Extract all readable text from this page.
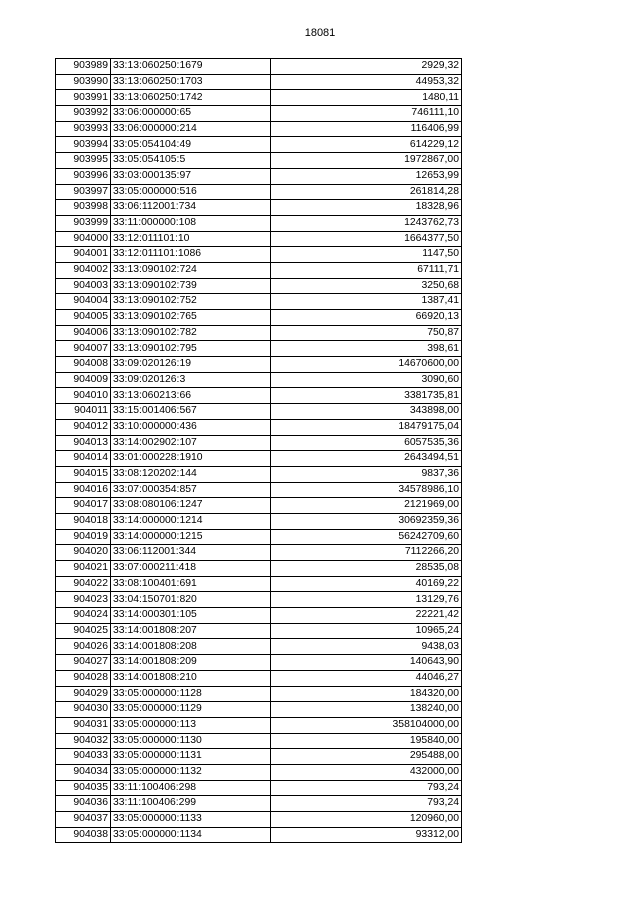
18081
903989	33:13:060250:1679	2929,32
903990	33:13:060250:1703	44953,32
903991	33:13:060250:1742	1480,11
903992	33:06:000000:65	746111,10
903993	33:06:000000:214	116406,99
903994	33:05:054104:49	614229,12
903995	33:05:054105:5	1972867,00
903996	33:03:000135:97	12653,99
903997	33:05:000000:516	261814,28
903998	33:06:112001:734	18328,96
903999	33:11:000000:108	1243762,73
904000	33:12:011101:10	1664377,50
904001	33:12:011101:1086	1147,50
904002	33:13:090102:724	67111,71
904003	33:13:090102:739	3250,68
904004	33:13:090102:752	1387,41
904005	33:13:090102:765	66920,13
904006	33:13:090102:782	750,87
904007	33:13:090102:795	398,61
904008	33:09:020126:19	14670600,00
904009	33:09:020126:3	3090,60
904010	33:13:060213:66	3381735,81
904011	33:15:001406:567	343898,00
904012	33:10:000000:436	18479175,04
904013	33:14:002902:107	6057535,36
904014	33:01:000228:1910	2643494,51
904015	33:08:120202:144	9837,36
904016	33:07:000354:857	34578986,10
904017	33:08:080106:1247	2121969,00
904018	33:14:000000:1214	30692359,36
904019	33:14:000000:1215	56242709,60
904020	33:06:112001:344	7112266,20
904021	33:07:000211:418	28535,08
904022	33:08:100401:691	40169,22
904023	33:04:150701:820	13129,76
904024	33:14:000301:105	22221,42
904025	33:14:001808:207	10965,24
904026	33:14:001808:208	9438,03
904027	33:14:001808:209	140643,90
904028	33:14:001808:210	44046,27
904029	33:05:000000:1128	184320,00
904030	33:05:000000:1129	138240,00
904031	33:05:000000:113	358104000,00
904032	33:05:000000:1130	195840,00
904033	33:05:000000:1131	295488,00
904034	33:05:000000:1132	432000,00
904035	33:11:100406:298	793,24
904036	33:11:100406:299	793,24
904037	33:05:000000:1133	120960,00
904038	33:05:000000:1134	93312,00
